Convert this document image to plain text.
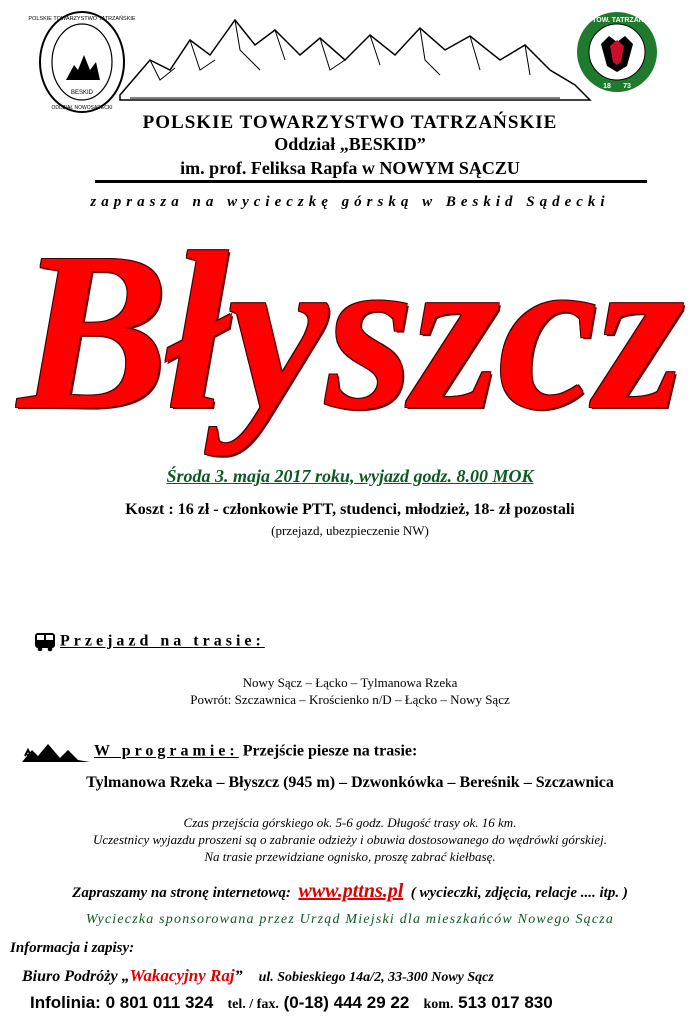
BESKID
POLSKIE TOWARZYSTWO TATRZAŃSKIE
ODDZIAŁ NOWOSĄDECKI
POL. TOW. TATRZAŃSKIE
18 73
POLSKIE TOWARZYSTWO TATRZAŃSKIE
Oddział „BESKID”
im. prof. Feliksa Rapfa w NOWYM SĄCZU
zaprasza na wycieczkę górską w Beskid Sądecki
Błyszcz
Środa 3. maja 2017 roku, wyjazd godz. 8.00 MOK
Koszt : 16 zł - członkowie PTT, studenci, młodzież, 18- zł pozostali
(przejazd, ubezpieczenie NW)
Przejazd na trasie:
Nowy Sącz – Łącko – Tylmanowa Rzeka
Powrót: Szczawnica – Krościenko n/D – Łącko – Nowy Sącz
W programie: Przejście piesze na trasie:
Tylmanowa Rzeka – Błyszcz (945 m) – Dzwonkówka – Bereśnik – Szczawnica
Czas przejścia górskiego ok. 5-6 godz. Długość trasy ok. 16 km.
Uczestnicy wyjazdu proszeni są o zabranie odzieży i obuwia dostosowanego do wędrówki górskiej.
Na trasie przewidziane ognisko, proszę zabrać kiełbasę.
Zapraszamy na stronę internetową: www.pttns.pl ( wycieczki, zdjęcia, relacje .... itp. )
Wycieczka sponsorowana przez Urząd Miejski dla mieszkańców Nowego Sącza
Informacja i zapisy:
Biuro Podróży „Wakacyjny Raj” ul. Sobieskiego 14a/2, 33-300 Nowy Sącz
Infolinia: 0 801 011 324 tel. / fax. (0-18) 444 29 22 kom. 513 017 830
